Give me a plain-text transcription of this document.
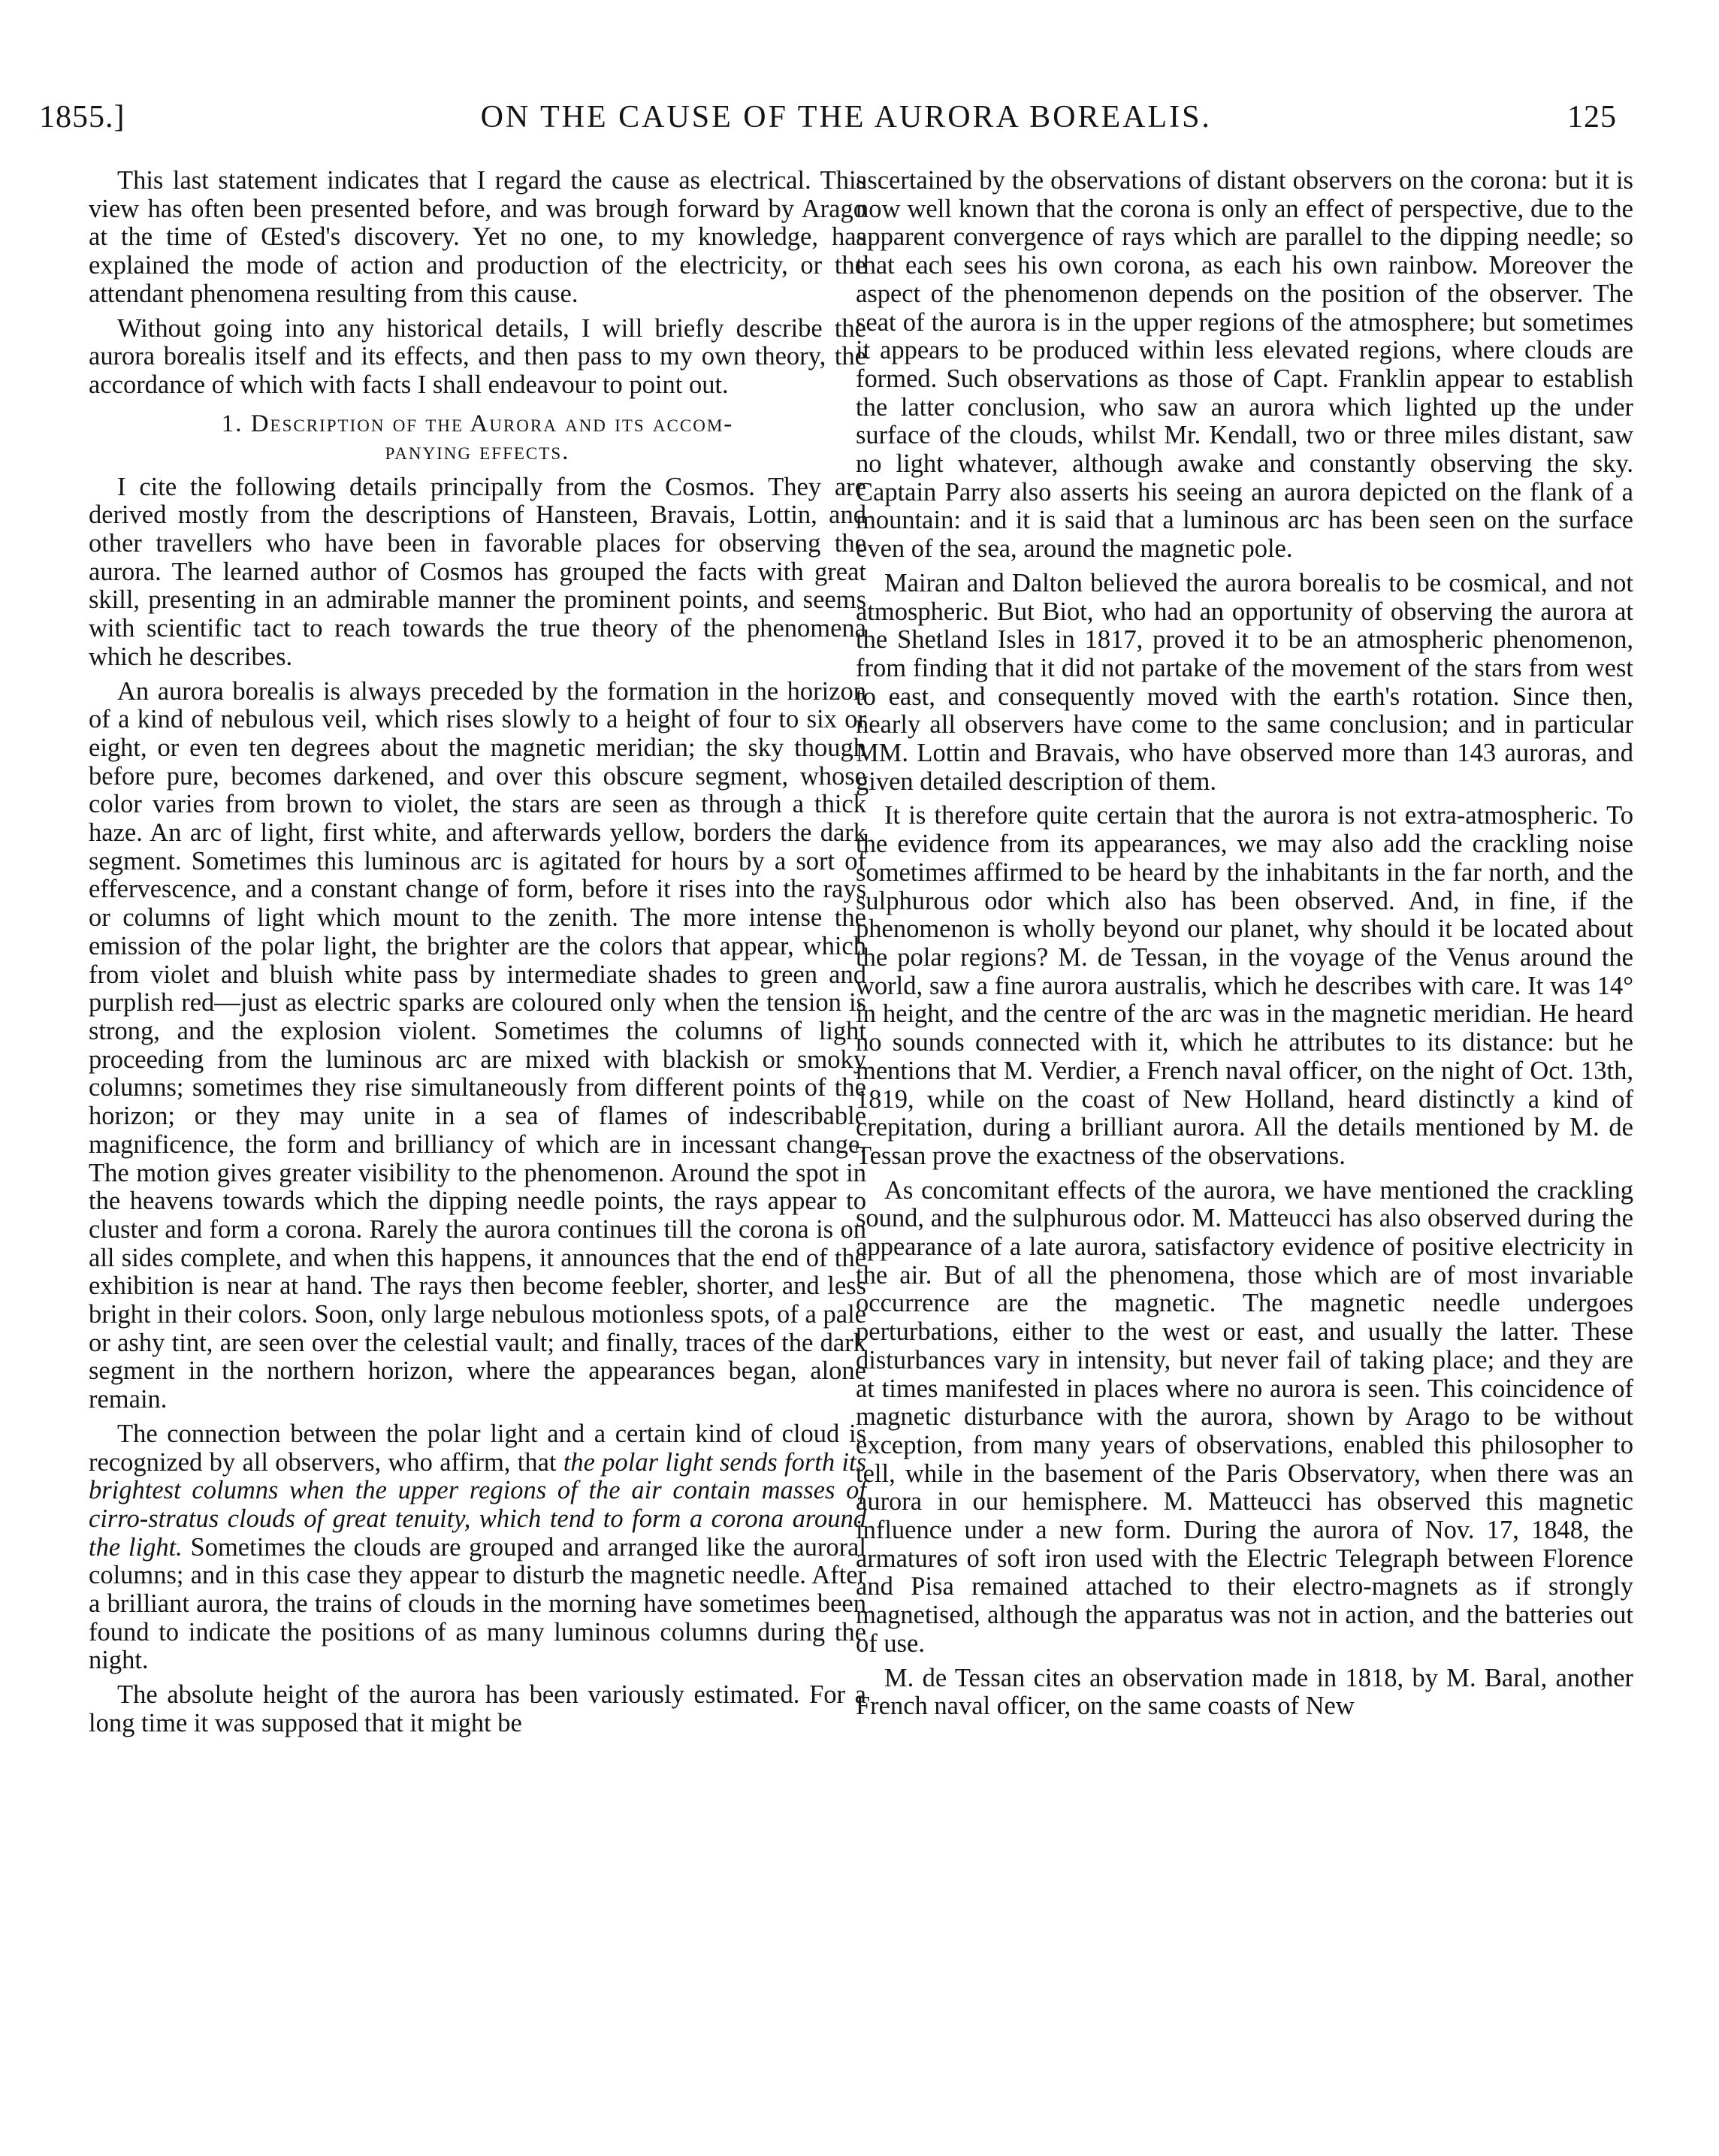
1855.]	ON THE CAUSE OF THE AURORA BOREALIS.	125

This last statement indicates that I regard the cause as electrical. This view has often been presented before, and was brough forward by Arago at the time of Œsted's discovery. Yet no one, to my knowledge, has explained the mode of action and production of the electricity, or the attendant phenomena resulting from this cause.

Without going into any historical details, I will briefly describe the aurora borealis itself and its effects, and then pass to my own theory, the accordance of which with facts I shall endeavour to point out.

1. Description of the Aurora and its accom-
panying effects.

I cite the following details principally from the Cosmos. They are derived mostly from the descriptions of Hansteen, Bravais, Lottin, and other travellers who have been in favorable places for observing the aurora. The learned author of Cosmos has grouped the facts with great skill, presenting in an admirable manner the prominent points, and seems with scientific tact to reach towards the true theory of the phenomena which he describes.

An aurora borealis is always preceded by the formation in the horizon of a kind of nebulous veil, which rises slowly to a height of four to six or eight, or even ten degrees about the magnetic meridian; the sky though before pure, becomes darkened, and over this obscure segment, whose color varies from brown to violet, the stars are seen as through a thick haze. An arc of light, first white, and afterwards yellow, borders the dark segment. Sometimes this luminous arc is agitated for hours by a sort of effervescence, and a constant change of form, before it rises into the rays or columns of light which mount to the zenith. The more intense the emission of the polar light, the brighter are the colors that appear, which from violet and bluish white pass by intermediate shades to green and purplish red—just as electric sparks are coloured only when the tension is strong, and the explosion violent. Sometimes the columns of light proceeding from the luminous arc are mixed with blackish or smoky columns; sometimes they rise simultaneously from different points of the horizon; or they may unite in a sea of flames of indescribable magnificence, the form and brilliancy of which are in incessant change. The motion gives greater visibility to the phenomenon. Around the spot in the heavens towards which the dipping needle points, the rays appear to cluster and form a corona. Rarely the aurora continues till the corona is on all sides complete, and when this happens, it announces that the end of the exhibition is near at hand. The rays then become feebler, shorter, and less bright in their colors. Soon, only large nebulous motionless spots, of a pale or ashy tint, are seen over the celestial vault; and finally, traces of the dark segment in the northern horizon, where the appearances began, alone remain.

The connection between the polar light and a certain kind of cloud is recognized by all observers, who affirm, that the polar light sends forth its brightest columns when the upper regions of the air contain masses of cirro-stratus clouds of great tenuity, which tend to form a corona around the light. Sometimes the clouds are grouped and arranged like the auroral columns; and in this case they appear to disturb the magnetic needle. After a brilliant aurora, the trains of clouds in the morning have sometimes been found to indicate the positions of as many luminous columns during the night.

The absolute height of the aurora has been variously estimated. For a long time it was supposed that it might be

ascertained by the observations of distant observers on the corona: but it is now well known that the corona is only an effect of perspective, due to the apparent convergence of rays which are parallel to the dipping needle; so that each sees his own corona, as each his own rainbow. Moreover the aspect of the phenomenon depends on the position of the observer. The seat of the aurora is in the upper regions of the atmosphere; but sometimes it appears to be produced within less elevated regions, where clouds are formed. Such observations as those of Capt. Franklin appear to establish the latter conclusion, who saw an aurora which lighted up the under surface of the clouds, whilst Mr. Kendall, two or three miles distant, saw no light whatever, although awake and constantly observing the sky. Captain Parry also asserts his seeing an aurora depicted on the flank of a mountain: and it is said that a luminous arc has been seen on the surface even of the sea, around the magnetic pole.

Mairan and Dalton believed the aurora borealis to be cosmical, and not atmospheric. But Biot, who had an opportunity of observing the aurora at the Shetland Isles in 1817, proved it to be an atmospheric phenomenon, from finding that it did not partake of the movement of the stars from west to east, and consequently moved with the earth's rotation. Since then, nearly all observers have come to the same conclusion; and in particular MM. Lottin and Bravais, who have observed more than 143 auroras, and given detailed description of them.

It is therefore quite certain that the aurora is not extra-atmospheric. To the evidence from its appearances, we may also add the crackling noise sometimes affirmed to be heard by the inhabitants in the far north, and the sulphurous odor which also has been observed. And, in fine, if the phenomenon is wholly beyond our planet, why should it be located about the polar regions? M. de Tessan, in the voyage of the Venus around the world, saw a fine aurora australis, which he describes with care. It was 14° in height, and the centre of the arc was in the magnetic meridian. He heard no sounds connected with it, which he attributes to its distance: but he mentions that M. Verdier, a French naval officer, on the night of Oct. 13th, 1819, while on the coast of New Holland, heard distinctly a kind of crepitation, during a brilliant aurora. All the details mentioned by M. de Tessan prove the exactness of the observations.

As concomitant effects of the aurora, we have mentioned the crackling sound, and the sulphurous odor. M. Matteucci has also observed during the appearance of a late aurora, satisfactory evidence of positive electricity in the air. But of all the phenomena, those which are of most invariable occurrence are the magnetic. The magnetic needle undergoes perturbations, either to the west or east, and usually the latter. These disturbances vary in intensity, but never fail of taking place; and they are at times manifested in places where no aurora is seen. This coincidence of magnetic disturbance with the aurora, shown by Arago to be without exception, from many years of observations, enabled this philosopher to tell, while in the basement of the Paris Observatory, when there was an aurora in our hemisphere. M. Matteucci has observed this magnetic influence under a new form. During the aurora of Nov. 17, 1848, the armatures of soft iron used with the Electric Telegraph between Florence and Pisa remained attached to their electro-magnets as if strongly magnetised, although the apparatus was not in action, and the batteries out of use.

M. de Tessan cites an observation made in 1818, by M. Baral, another French naval officer, on the same coasts of New
